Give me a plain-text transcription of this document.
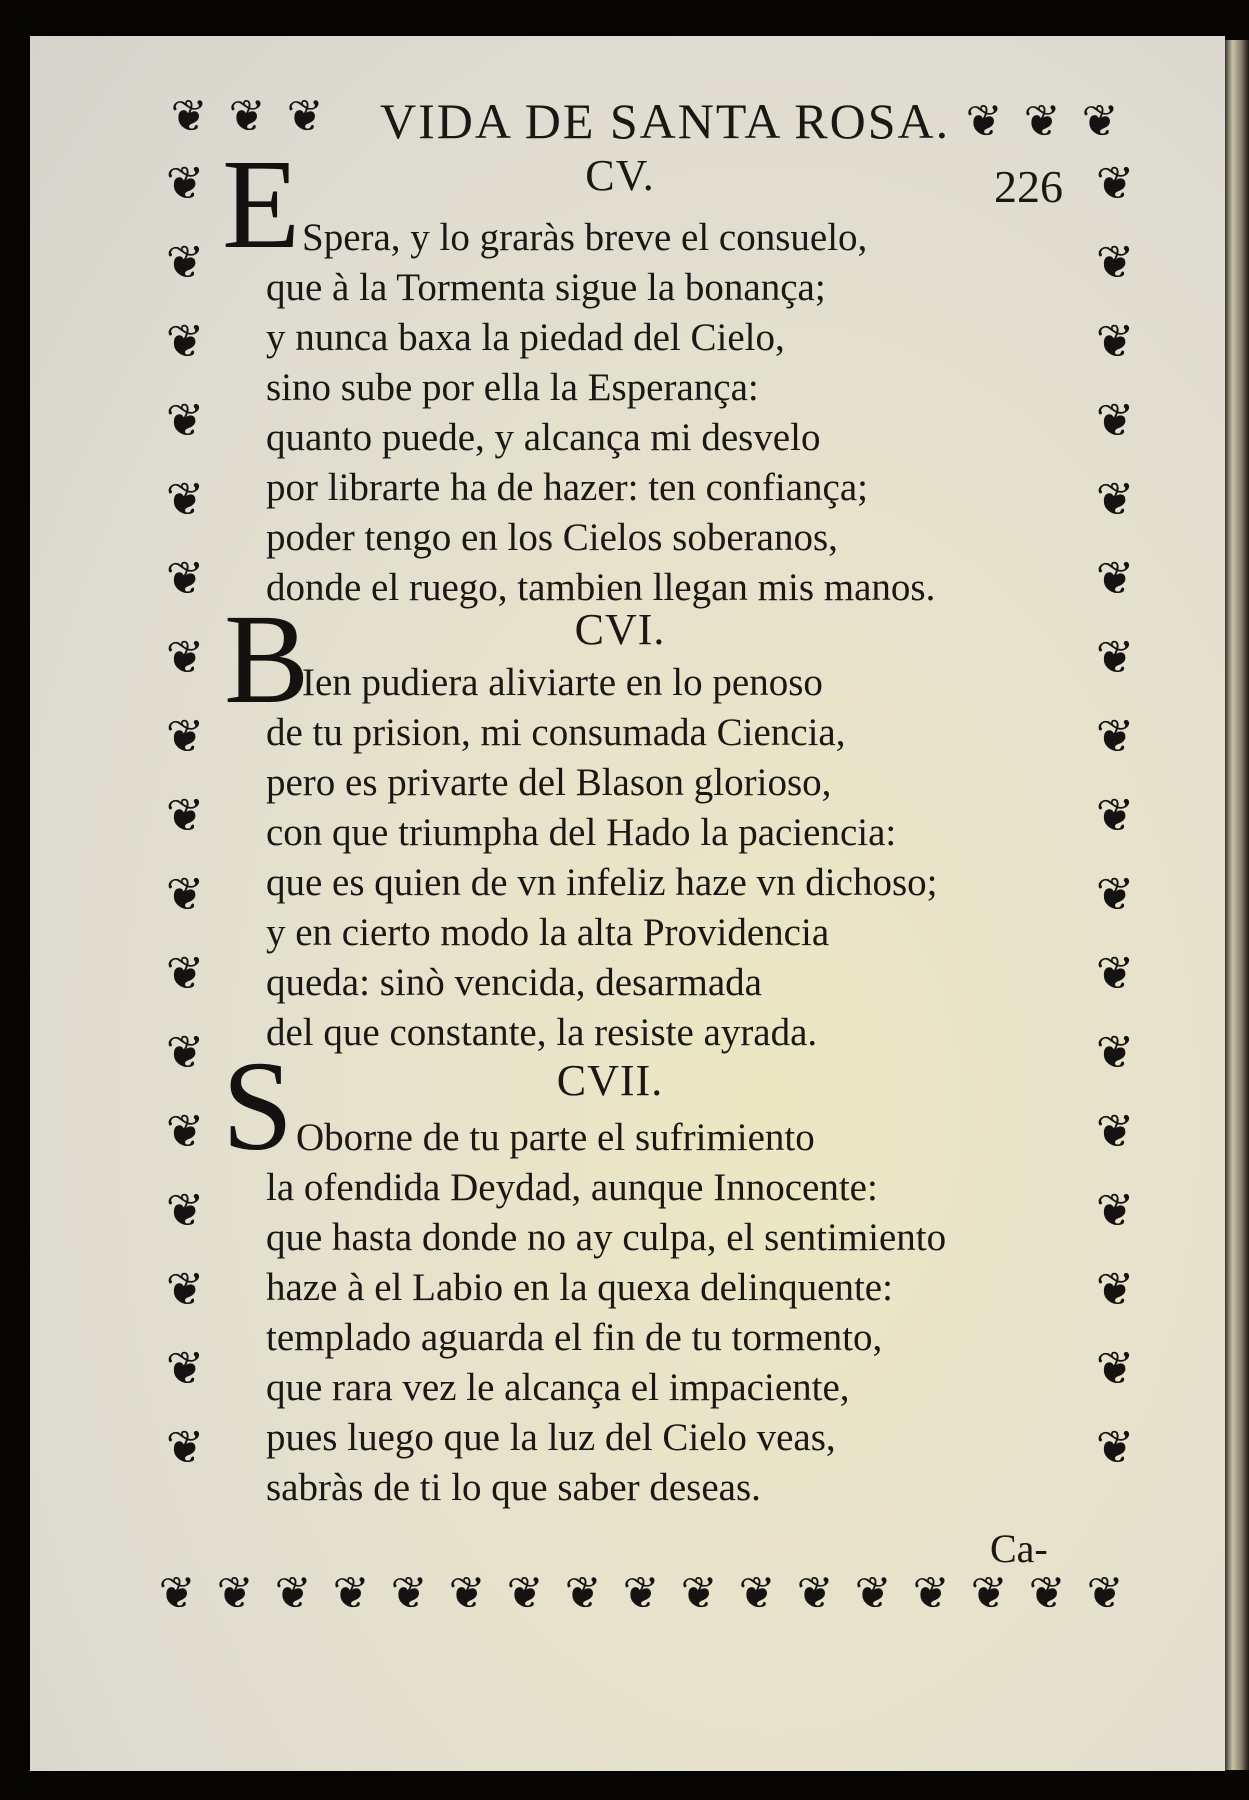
❦
❦
❦
❦
❦
❦
❦
❦
❦
❦
❦
❦
❦
❦
❦
❦
❦
❦
❦
❦
❦
❦
❦
❦
❦
❦
❦
❦
❦
❦
❦
❦
❦
❦
❦ ❦ ❦	❦ ❦ ❦
❦ ❦ ❦ ❦ ❦ ❦ ❦ ❦ ❦ ❦ ❦ ❦ ❦ ❦ ❦ ❦ ❦
VIDA DE SANTA ROSA.
226
CV.
E Spera, y lo graràs breve el consuelo,
que à la Tormenta sigue la bonança;
y nunca baxa la piedad del Cielo,
sino sube por ella la Esperança:
quanto puede, y alcança mi desvelo
por librarte ha de hazer: ten confiança;
poder tengo en los Cielos soberanos,
donde el ruego, tambien llegan mis manos.
CVI.
B
Ien pudiera aliviarte en lo penoso
de tu prision, mi consumada Ciencia,
pero es privarte del Blason glorioso,
con que triumpha del Hado la paciencia:
que es quien de vn infeliz haze vn dichoso;
y en cierto modo la alta Providencia
queda: sinò vencida, desarmada
del que constante, la resiste ayrada.
CVII.
S Oborne de tu parte el sufrimiento
la ofendida Deydad, aunque Innocente:
que hasta donde no ay culpa, el sentimiento
haze à el Labio en la quexa delinquente:
templado aguarda el fin de tu tormento,
que rara vez le alcança el impaciente,
pues luego que la luz del Cielo veas,
sabràs de ti lo que saber deseas.
Ca-
